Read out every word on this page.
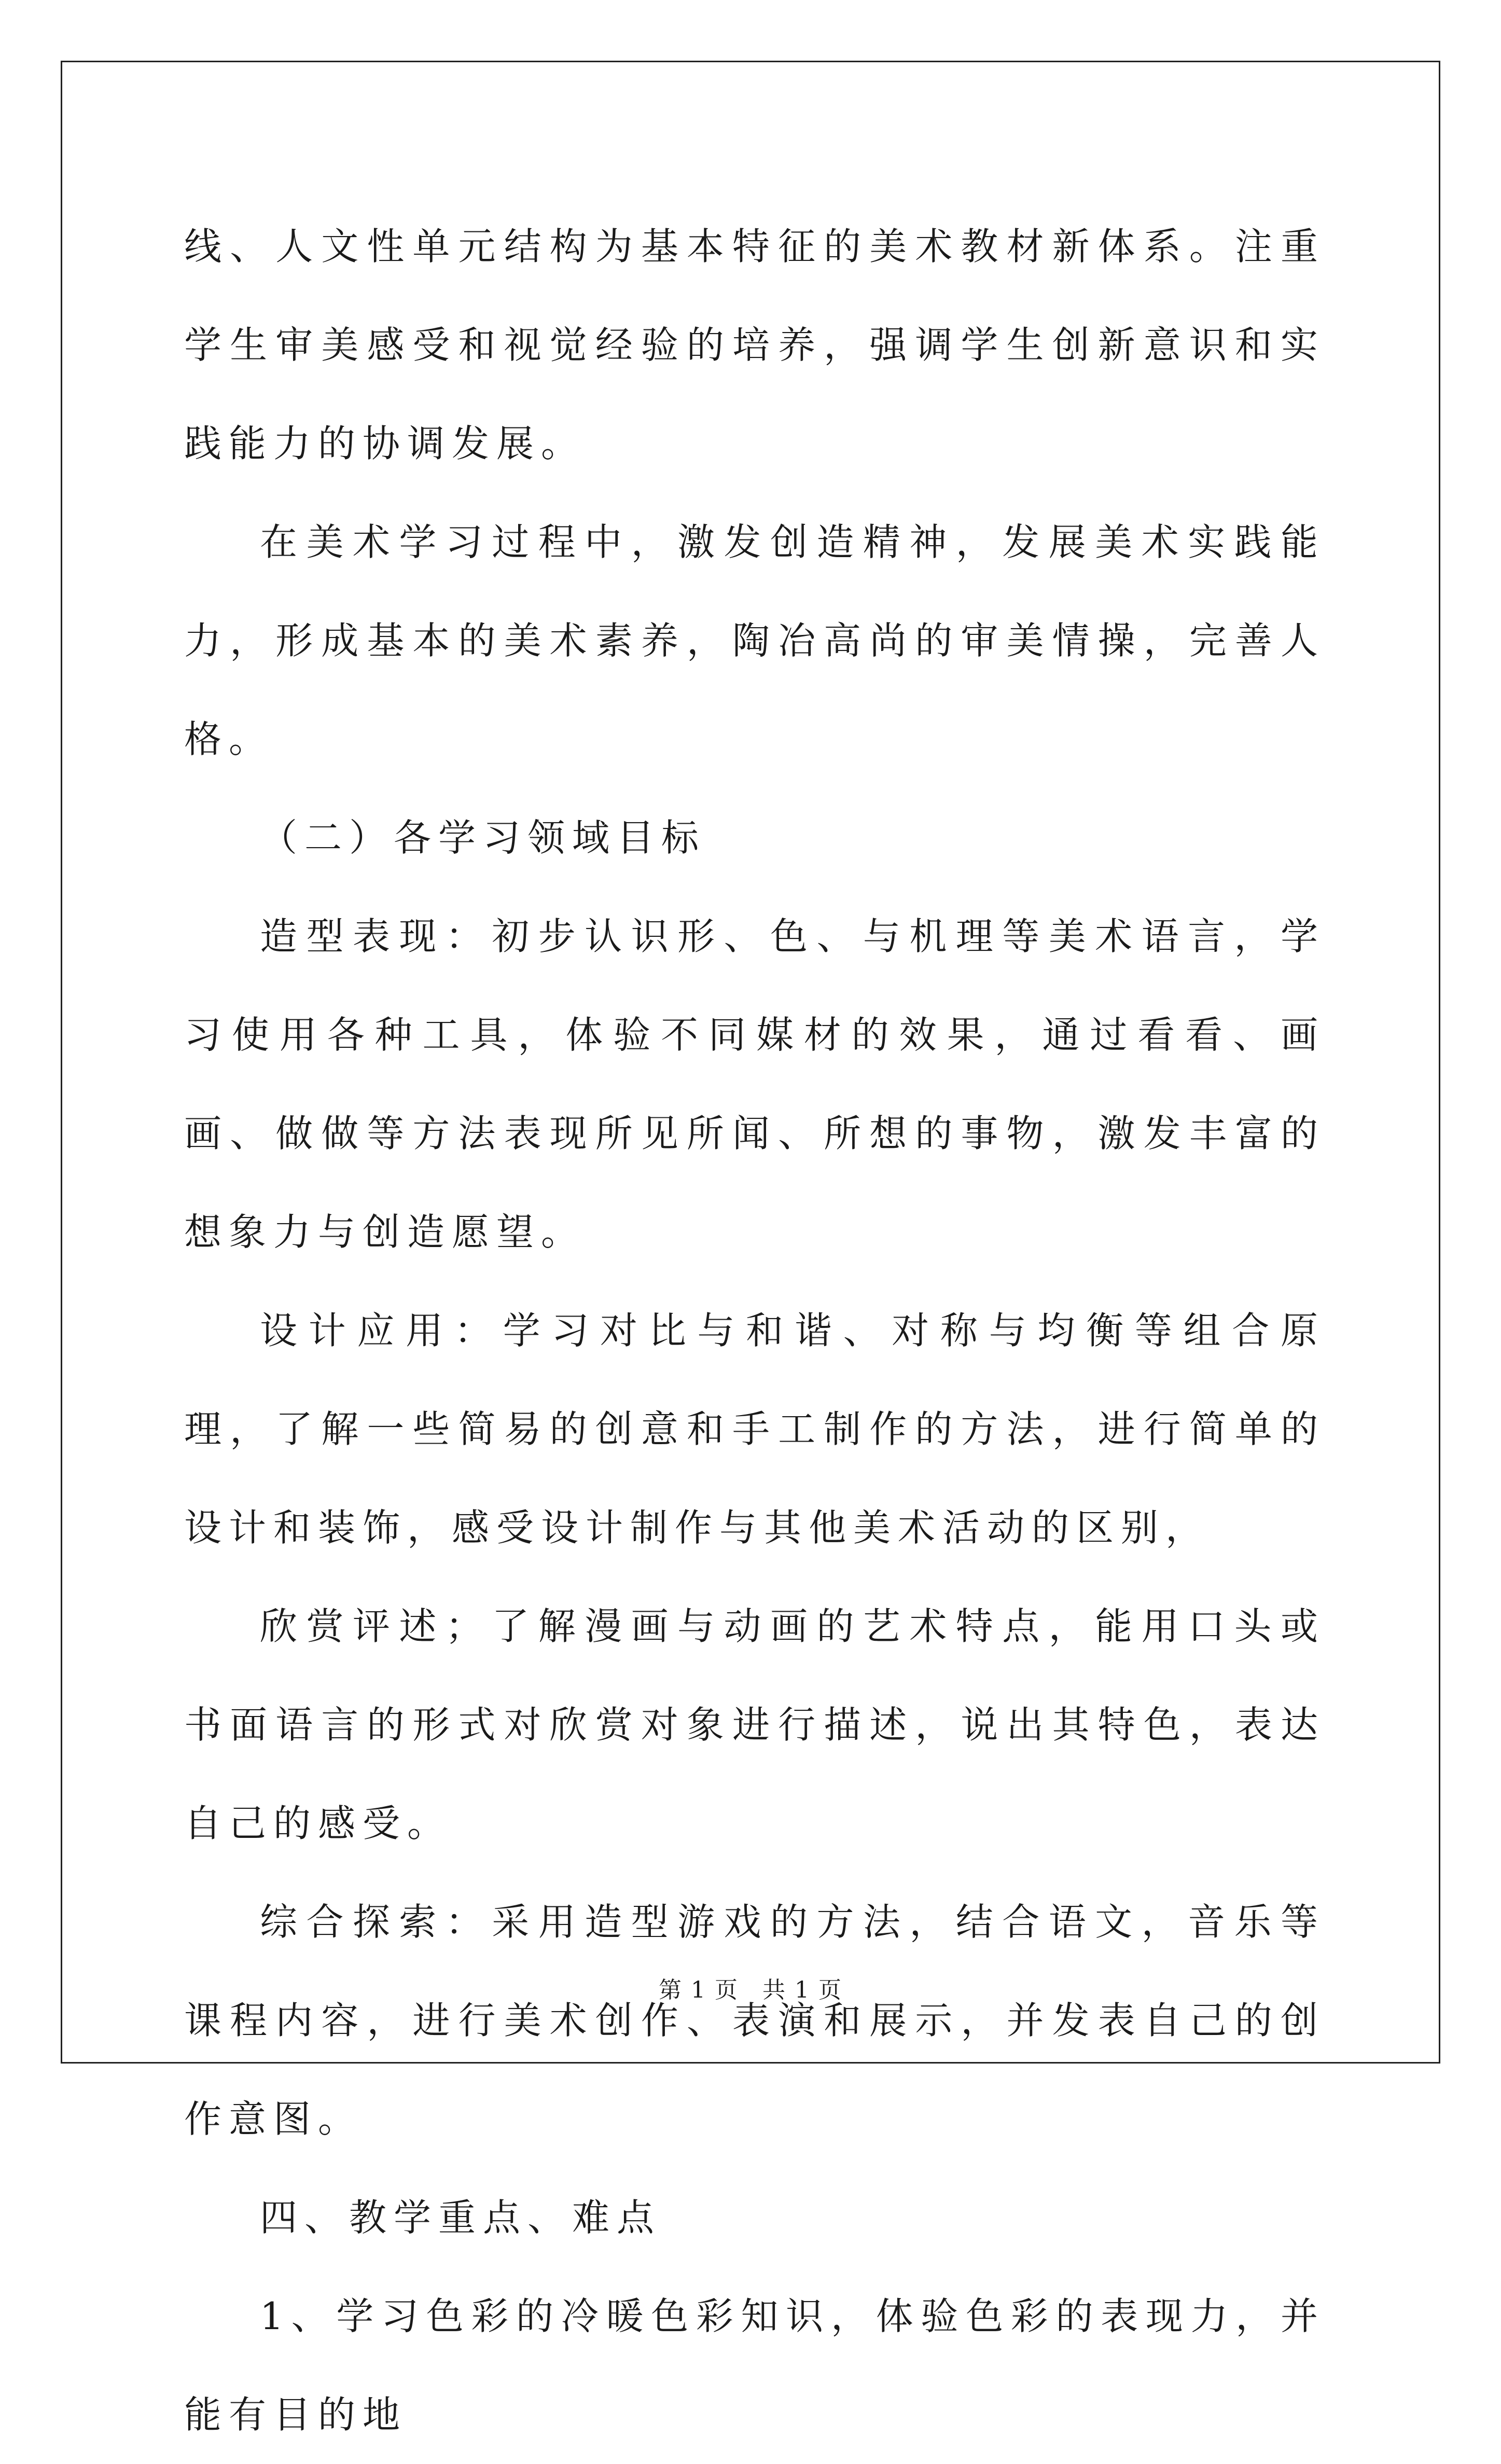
线、人文性单元结构为基本特征的美术教材新体系。注重学生审美感受和视觉经验的培养，强调学生创新意识和实践能力的协调发展。

在美术学习过程中，激发创造精神，发展美术实践能力，形成基本的美术素养，陶冶高尚的审美情操，完善人格。

（二）各学习领域目标

造型表现：初步认识形、色、与机理等美术语言，学习使用各种工具，体验不同媒材的效果，通过看看、画画、做做等方法表现所见所闻、所想的事物，激发丰富的想象力与创造愿望。

设计应用：学习对比与和谐、对称与均衡等组合原理，了解一些简易的创意和手工制作的方法，进行简单的设计和装饰，感受设计制作与其他美术活动的区别，

欣赏评述；了解漫画与动画的艺术特点，能用口头或书面语言的形式对欣赏对象进行描述，说出其特色，表达自己的感受。

综合探索：采用造型游戏的方法，结合语文，音乐等课程内容，进行美术创作、表演和展示，并发表自己的创作意图。

四、教学重点、难点

1、学习色彩的冷暖色彩知识，体验色彩的表现力，并能有目的地

第 1 页　共 1 页
